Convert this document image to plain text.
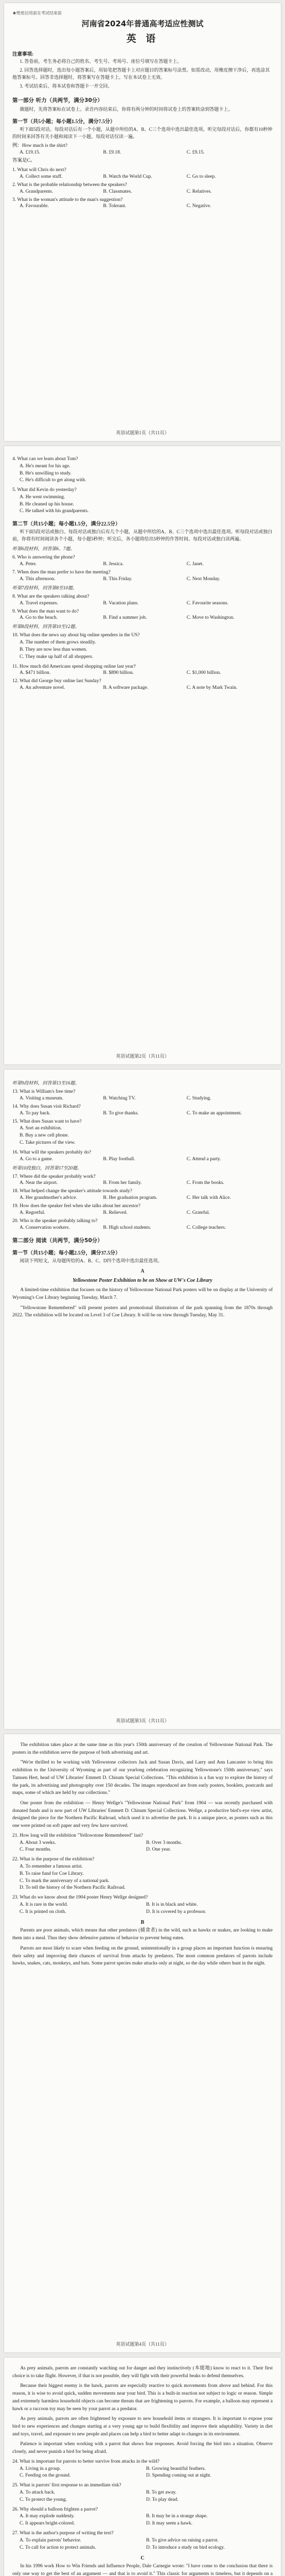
★绝密启用前在考试结束前
河南省2024年普通高考适应性测试
英 语
注意事项:

1. 答卷前，考生务必将自己的姓名、考生号、考场号、座位号填写在答题卡上。

2. 回答选择题时，选出每小题答案后，用铅笔把答题卡上对应题目的答案标号涂黑。如需改动，用橡皮擦干净后，再选涂其他答案标号。回答非选择题时，将答案写在答题卡上。写在本试卷上无效。

3. 考试结束后，将本试卷和答题卡一并交回。

第一部分 听力（共两节，满分30分）

做题时，先将答案标在试卷上。录音内容结束后，你将有两分钟的时间将试卷上的答案转涂到答题卡上。

第一节（共5小题；每小题1.5分，满分7.5分）

听下面5段对话。每段对话后有一个小题，从题中所给的A、B、C三个选项中选出最佳选项。听完每段对话后，你都有10秒钟的时间来回答有关小题和阅读下一小题。每段对话仅读一遍。

例：How much is the shirt?
A. £19.15.	B. £9.18.	C. £9.15.
答案是C。
1. What will Chris do next?
A. Collect some stuff.	B. Watch the World Cup.	C. Go to sleep.
2. What is the probable relationship between the speakers?
A. Grandparents.	B. Classmates.	C. Relatives.
3. What is the woman's attitude to the man's suggestion?
A. Favourable.	B. Tolerant.	C. Negative.
英语试题第1页（共11页）
4. What can we learn about Tom?
A. He's meant for his age.
B. He's unwilling to study.
C. He's difficult to get along with.
5. What did Kevin do yesterday?
A. He went swimming.
B. He cleaned up his house.
C. He talked with his grandparents.
第二节（共15小题；每小题1.5分，满分22.5分）

听下面5段对话或独白。每段对话或独白后有几个小题，从题中所给的A、B、C三个选项中选出最佳选项。听每段对话或独白前，你将有时间阅读各个小题，每小题5秒钟；听完后，各小题将给出5秒钟的作答时间。每段对话或独白读两遍。

听第6段材料，回答第6、7题。
6. Who is answering the phone?
A. Peter.	B. Jessica.	C. Janet.
7. When does the man prefer to have the meeting?
A. This afternoon.	B. This Friday.	C. Next Monday.
听第7段材料，回答第8至10题。
8. What are the speakers talking about?
A. Travel expenses.	B. Vacation plans.	C. Favourite seasons.
9. What does the man want to do?
A. Go to the beach.	B. Find a summer job.	C. Move to Washington.
听第8段材料，回答第10至12题。
10. What does the news say about big online spenders in the US?
A. The number of them grows steadily.
B. They are now less than women.
C. They make up half of all shoppers.
11. How much did Americans spend shopping online last year?
A. $471 billion.	B. $890 billion.	C. $1,000 billion.
12. What did George buy online last Sunday?
A. An adventure novel.	B. A software package.	C. A note by Mark Twain.
英语试题第2页（共11页）
听第9段材料，回答第13至16题。
13. What is William's free time?
A. Visiting a museum.	B. Watching TV.	C. Studying.
14. Why does Susan visit Richard?
A. To pay back.	B. To give thanks.	C. To make an appointment.
15. What does Susan want to have?
A. Sort an exhibition.
B. Buy a new cell phone.
C. Take pictures of the view.
16. What will the speakers probably do?
A. Go to a game.	B. Play football.	C. Attend a party.
听第10段独白，回答第17至20题。
17. Where did the speaker probably work?
A. Near the airport.	B. From her family.	C. From the books.
18. What helped change the speaker's attitude towards study?
A. Her grandmother's advice.	B. Her graduation program.	C. Her talk with Alice.
19. How does the speaker feel when she talks about her ancestor?
A. Regretful.	B. Relieved.	C. Grateful.
20. Who is the speaker probably talking to?
A. Conservation workers.	B. High school students.	C. College teachers.
第二部分 阅读（共两节，满分50分）
第一节（共15小题；每小题2.5分，满分37.5分）

阅读下列短文，从每题所给的A、B、C、D四个选项中选出最佳选项。

A
Yellowstone Poster Exhibition to be on Show at UW's Coe Library

A limited-time exhibition that focuses on the history of Yellowstone National Park posters will be on display at the University of Wyoming's Coe Library beginning Tuesday, March 7.

"Yellowstone Remembered" will present posters and promotional illustrations of the park spanning from the 1870s through 2022. The exhibition will be located on Level 3 of Coe Library. It will be on view through Tuesday, May 31.

英语试题第3页（共11页）

The exhibition takes place at the same time as this year's 150th anniversary of the creation of Yellowstone National Park. The posters in the exhibition serve the purpose of both advertising and art.

"We're thrilled to be working with Yellowstone collectors Jack and Susan Davis, and Larry and Ann Lancaster to bring this exhibition to the University of Wyoming as part of our yearlong celebration recognizing Yellowstone's 150th anniversary," says Tamsen Hert, head of UW Libraries' Emmett D. Chisum Special Collections. "This exhibition is a fun way to explore the history of the park, its advertising and photography over 150 decades. The images reproduced are from early posters, booklets, postcards and maps, some of which are held by our collections."

One poster from the exhibition — Henry Wellge's "Yellowstone National Park" from 1904 — was recently purchased with donated funds and is now part of UW Libraries' Emmett D. Chisum Special Collections. Wellge, a productive bird's-eye view artist, designed the piece for the Northern Pacific Railroad, which used it to advertise the park. It is a unique piece, as posters such as this one were printed on soft paper and very few have survived.

21. How long will the exhibition "Yellowstone Remembered" last?
A. About 3 weeks.	B. Over 3 months.
C. Four months.	D. One year.
22. What is the purpose of the exhibition?
A. To remember a famous artist.
B. To raise fund for Coe Library.
C. To mark the anniversary of a national park.
D. To tell the history of the Northern Pacific Railroad.
23. What do we know about the 1904 poster Henry Wellge designed?
A. It is rare in the world.	B. It is in black and white.
C. It is printed on cloth.	D. It is covered by a professor.
B

Parents are poor animals, which means that other predators (捕食者) in the wild, such as hawks or snakes, are looking to make them into a meal. Thus they show defensive patterns of behavior to prevent being eaten.

Parrots are most likely to scare when feeding on the ground, unintentionally in a group places an important function is ensuring their safety and improving their chances of survival from attacks by predators. The most common predators of parrots include hawks, snakes, cats, monkeys, and bats. Some parrot species make attacks only at night, so the day while others hunt in the night.

英语试题第4页（共11页）

As prey animals, parrots are constantly watching out for danger and they instinctively (本能地) know to react to it. Their first choice is to take flight. However, if that is not possible, they will fight with their powerful beaks to defend themselves.

Because their biggest enemy is the hawk, parrots are especially reactive to quick movements from above and behind. For this reason, it is wise to avoid quick, sudden movements near your bird. This is a built-in reaction not subject to logic or reason. Simple and extremely harmless household objects can become threats that are frightening to parrots. For example, a balloon may represent a hawk or a raccoon toy may be seen by your parrot as a predator.

As prey animals, parrots are often frightened by exposure to new household items or strangers. It is important to expose your bird to new experiences and changes starting at a very young age to build flexibility and improve their adaptability. Variety in diet and toys, travel, and exposure to new people and places can help a bird to better adapt to changes in its environment.

Patience is important when working with a parrot that shows fear responses. Avoid forcing the bird into a situation. Observe closely, and never punish a bird for being afraid.

24. What is important for parrots to better survive from attacks in the wild?
A. Living in a group.	B. Growing beautiful feathers.
C. Feeding on the ground.	D. Spending coming out at night.
25. What is parrots' first response to an immediate risk?
A. To attack back.	B. To get away.
C. To protect the young.	D. To play dead.
26. Why should a balloon frighten a parrot?
A. It may explode suddenly.	B. It may be in a strange shape.
C. It appears bright-colored.	D. It may seem a hawk.
27. What is the author's purpose of writing the text?
A. To explain parrots' behavior.	B. To give advice on raising a parrot.
C. To call for action to protect animals.	D. To introduce a study on bird ecology.
C

In his 1996 work How to Win Friends and Influence People, Dale Carnegie wrote: "I have come to the conclusion that there is only one way to get the best of an argument — and that is to avoid it." This classic for arguments is timeless, but it depends on a
